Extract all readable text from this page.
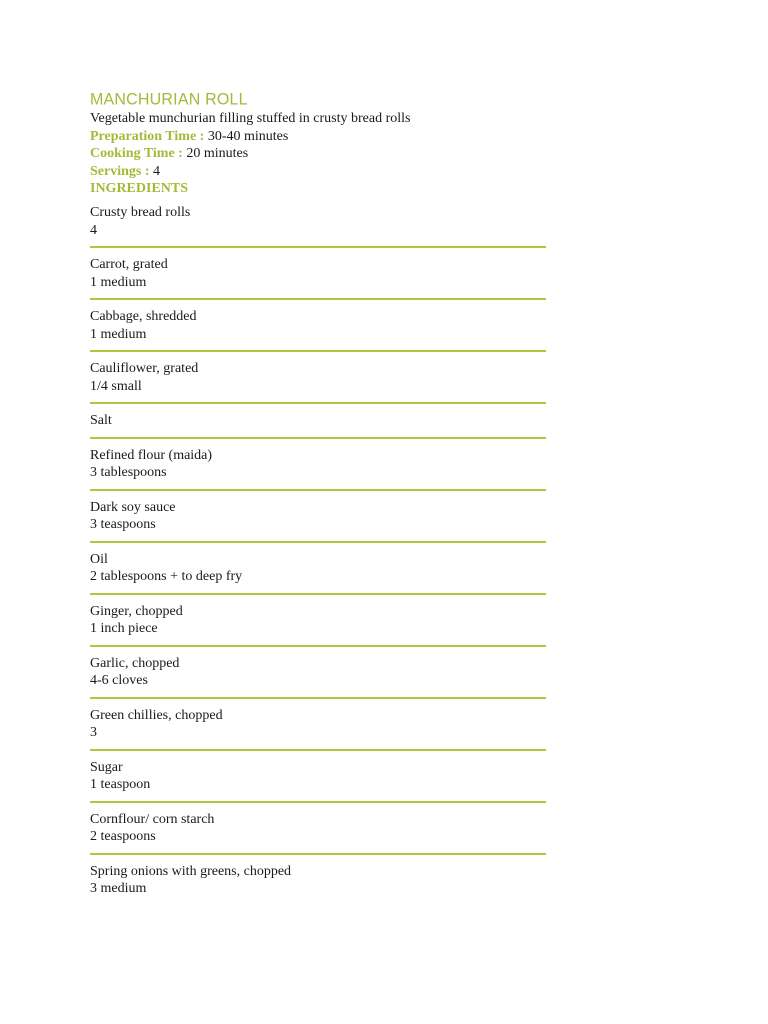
MANCHURIAN ROLL
Vegetable munchurian filling stuffed in crusty bread rolls
Preparation Time : 30-40 minutes
Cooking Time : 20 minutes
Servings : 4
INGREDIENTS
Crusty bread rolls
4
Carrot, grated
1 medium
Cabbage, shredded
1 medium
Cauliflower, grated
1/4 small
Salt
Refined flour (maida)
3 tablespoons
Dark soy sauce
3 teaspoons
Oil
2 tablespoons + to deep fry
Ginger, chopped
1 inch piece
Garlic, chopped
4-6 cloves
Green chillies, chopped
3
Sugar
1 teaspoon
Cornflour/ corn starch
2 teaspoons
Spring onions with greens, chopped
3 medium
